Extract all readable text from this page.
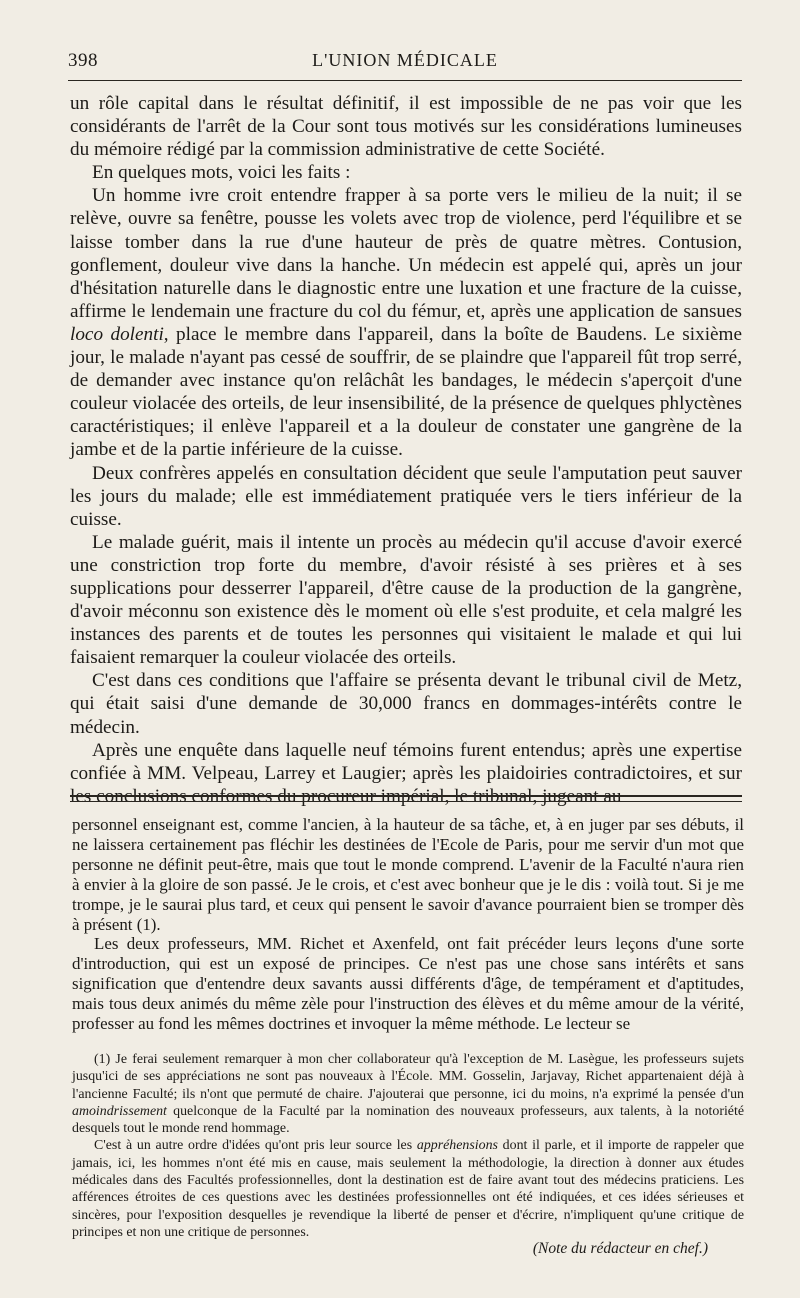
398	L'UNION MÉDICALE

un rôle capital dans le résultat définitif, il est impossible de ne pas voir que les considérants de l'arrêt de la Cour sont tous motivés sur les considérations lumineuses du mémoire rédigé par la commission administrative de cette Société.

En quelques mots, voici les faits :

Un homme ivre croit entendre frapper à sa porte vers le milieu de la nuit; il se relève, ouvre sa fenêtre, pousse les volets avec trop de violence, perd l'équilibre et se laisse tomber dans la rue d'une hauteur de près de quatre mètres. Contusion, gonflement, douleur vive dans la hanche. Un médecin est appelé qui, après un jour d'hésitation naturelle dans le diagnostic entre une luxation et une fracture de la cuisse, affirme le lendemain une fracture du col du fémur, et, après une application de sansues loco dolenti, place le membre dans l'appareil, dans la boîte de Baudens. Le sixième jour, le malade n'ayant pas cessé de souffrir, de se plaindre que l'appareil fût trop serré, de demander avec instance qu'on relâchât les bandages, le médecin s'aperçoit d'une couleur violacée des orteils, de leur insensibilité, de la présence de quelques phlyctènes caractéristiques; il enlève l'appareil et a la douleur de constater une gangrène de la jambe et de la partie inférieure de la cuisse.

Deux confrères appelés en consultation décident que seule l'amputation peut sauver les jours du malade; elle est immédiatement pratiquée vers le tiers inférieur de la cuisse.

Le malade guérit, mais il intente un procès au médecin qu'il accuse d'avoir exercé une constriction trop forte du membre, d'avoir résisté à ses prières et à ses supplications pour desserrer l'appareil, d'être cause de la production de la gangrène, d'avoir méconnu son existence dès le moment où elle s'est produite, et cela malgré les instances des parents et de toutes les personnes qui visitaient le malade et qui lui faisaient remarquer la couleur violacée des orteils.

C'est dans ces conditions que l'affaire se présenta devant le tribunal civil de Metz, qui était saisi d'une demande de 30,000 francs en dommages-intérêts contre le médecin.

Après une enquête dans laquelle neuf témoins furent entendus; après une expertise confiée à MM. Velpeau, Larrey et Laugier; après les plaidoiries contradictoires, et sur les conclusions conformes du procureur impérial, le tribunal, jugeant au

personnel enseignant est, comme l'ancien, à la hauteur de sa tâche, et, à en juger par ses débuts, il ne laissera certainement pas fléchir les destinées de l'Ecole de Paris, pour me servir d'un mot que personne ne définit peut-être, mais que tout le monde comprend. L'avenir de la Faculté n'aura rien à envier à la gloire de son passé. Je le crois, et c'est avec bonheur que je le dis : voilà tout. Si je me trompe, je le saurai plus tard, et ceux qui pensent le savoir d'avance pourraient bien se tromper dès à présent (1).

Les deux professeurs, MM. Richet et Axenfeld, ont fait précéder leurs leçons d'une sorte d'introduction, qui est un exposé de principes. Ce n'est pas une chose sans intérêts et sans signification que d'entendre deux savants aussi différents d'âge, de tempérament et d'aptitudes, mais tous deux animés du même zèle pour l'instruction des élèves et du même amour de la vérité, professer au fond les mêmes doctrines et invoquer la même méthode. Le lecteur se

(1) Je ferai seulement remarquer à mon cher collaborateur qu'à l'exception de M. Lasègue, les professeurs sujets jusqu'ici de ses appréciations ne sont pas nouveaux à l'École. MM. Gosselin, Jarjavay, Richet appartenaient déjà à l'ancienne Faculté; ils n'ont que permuté de chaire. J'ajouterai que personne, ici du moins, n'a exprimé la pensée d'un amoindrissement quelconque de la Faculté par la nomination des nouveaux professeurs, aux talents, à la notoriété desquels tout le monde rend hommage.

C'est à un autre ordre d'idées qu'ont pris leur source les appréhensions dont il parle, et il importe de rappeler que jamais, ici, les hommes n'ont été mis en cause, mais seulement la méthodologie, la direction à donner aux études médicales dans des Facultés professionnelles, dont la destination est de faire avant tout des médecins praticiens. Les afférences étroites de ces questions avec les destinées professionnelles ont été indiquées, et ces idées sérieuses et sincères, pour l'exposition desquelles je revendique la liberté de penser et d'écrire, n'impliquent qu'une critique de principes et non une critique de personnes.

(Note du rédacteur en chef.)
